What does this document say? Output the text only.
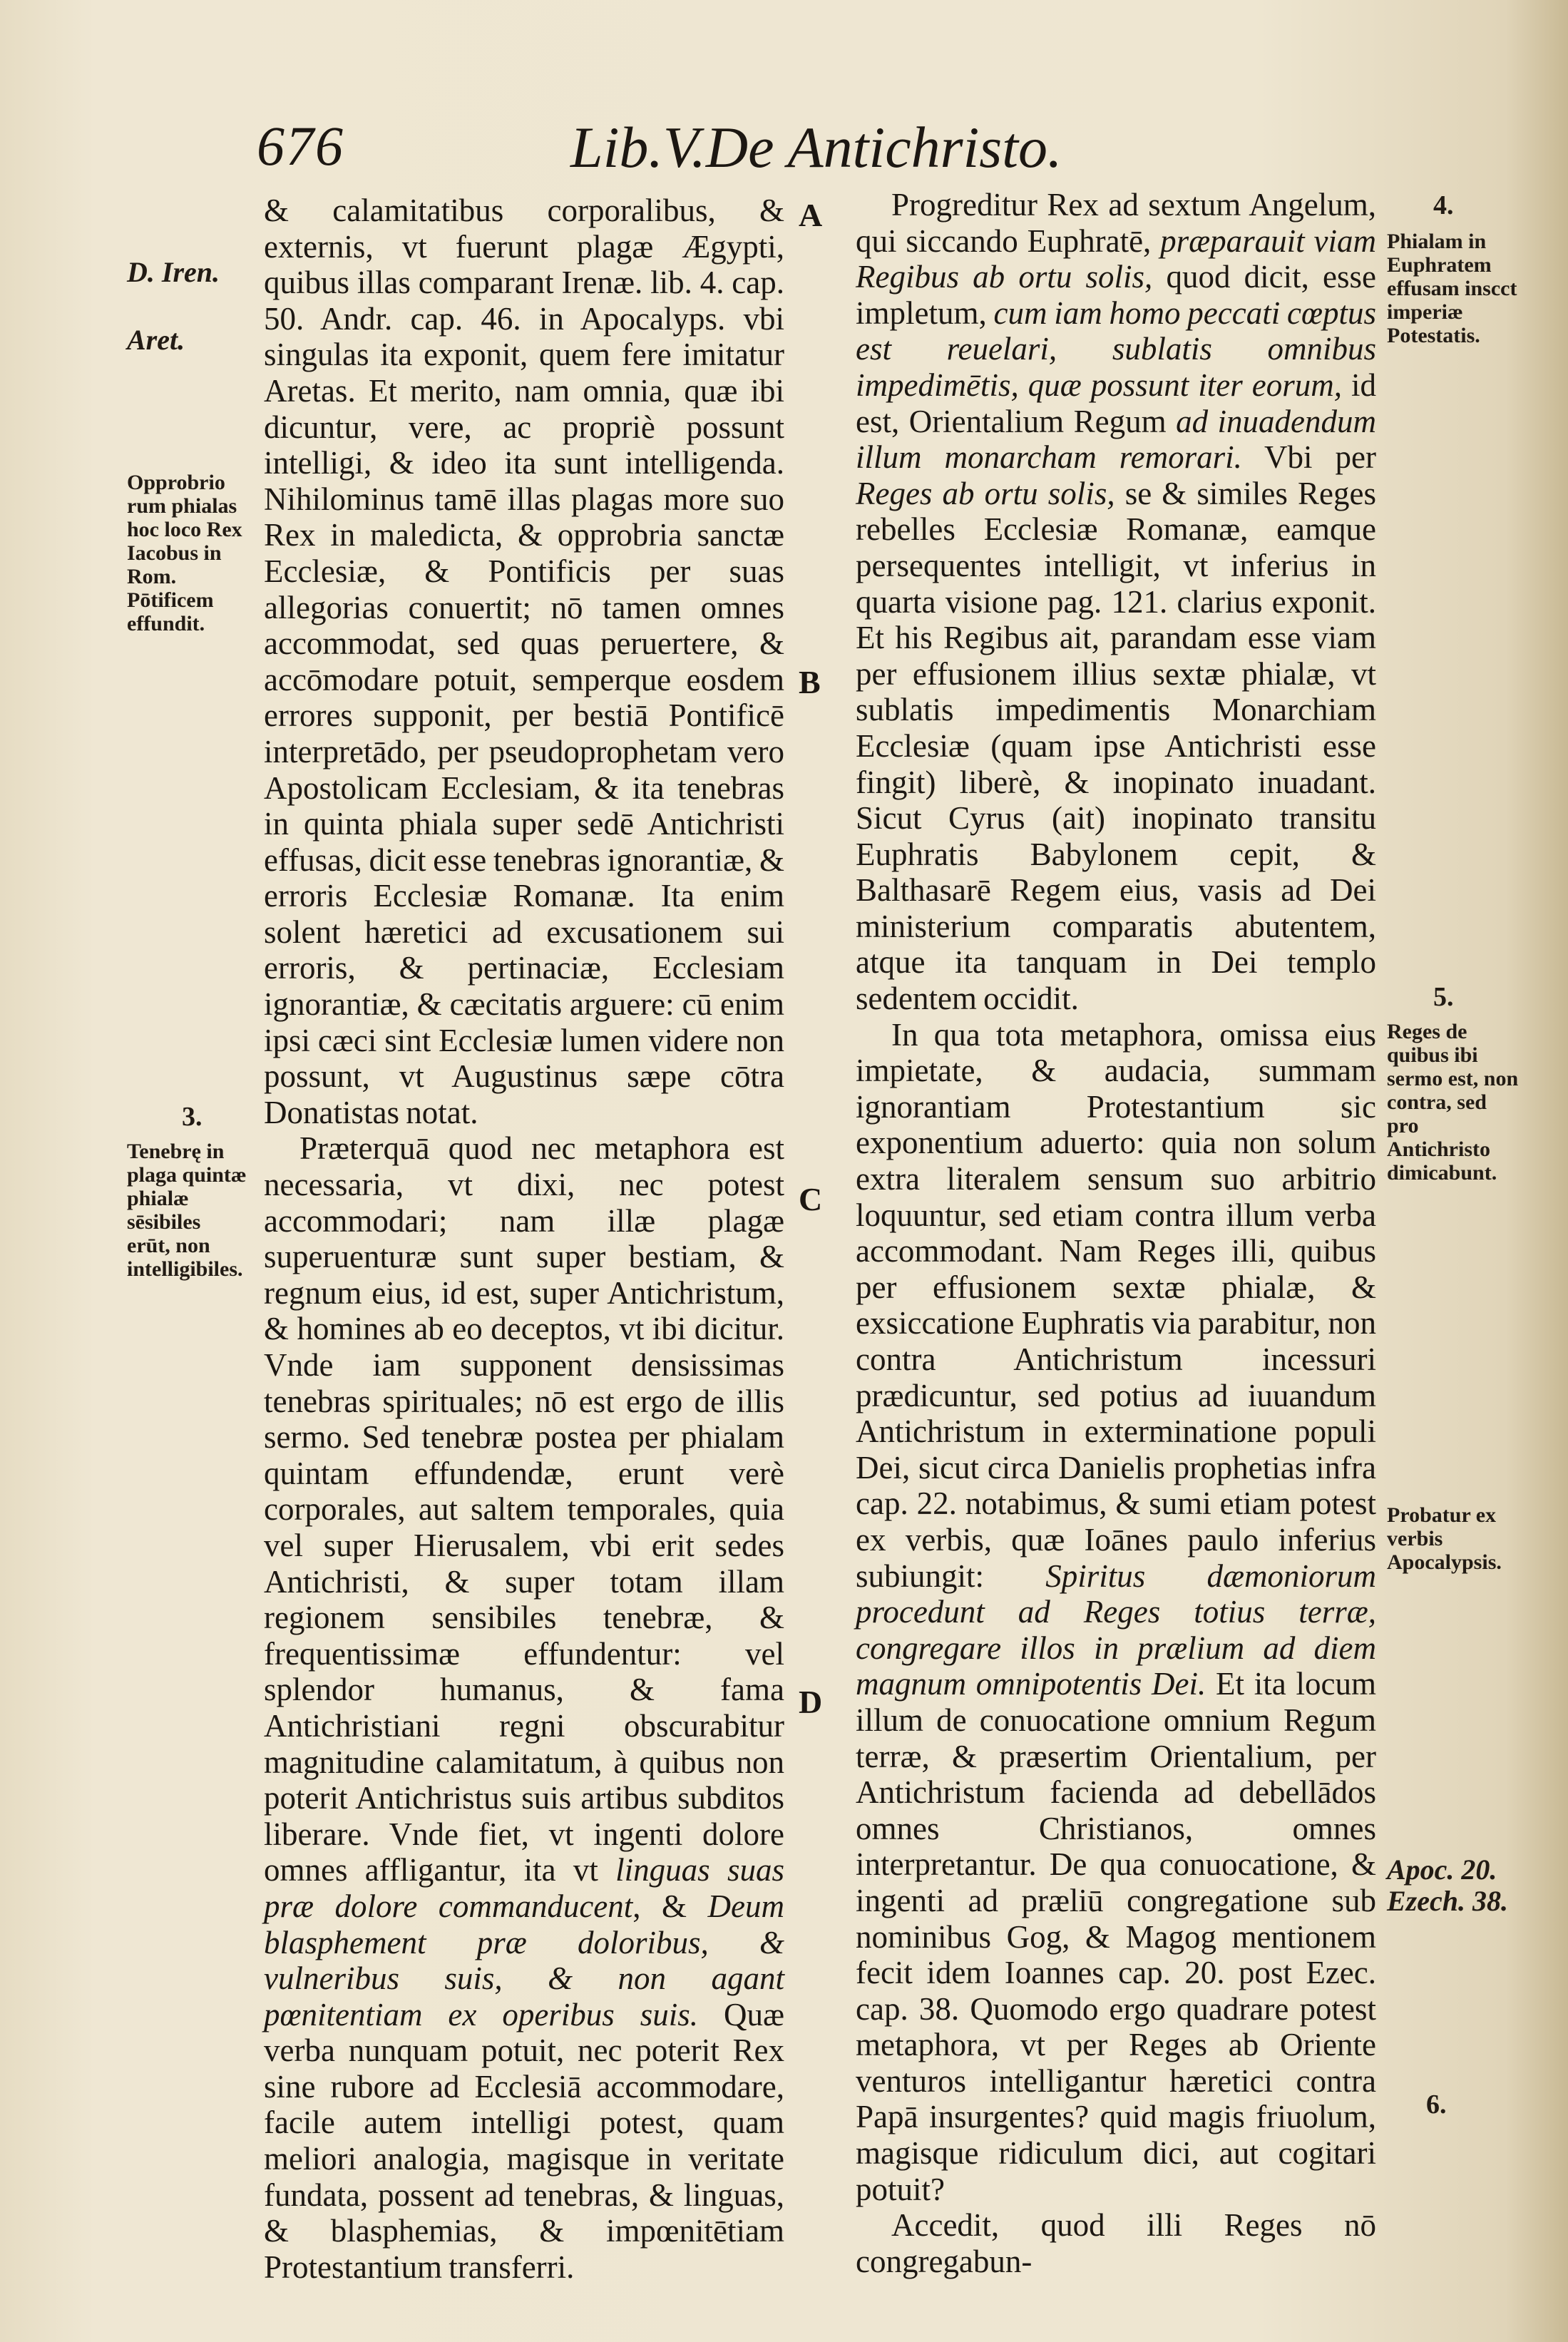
676	Lib.V.De Antichristo.
D. Iren.
Aret.
Opprobrio rum phialas hoc loco Rex Iacobus in Rom. Pōtificem effundit.
3.
Tenebrę in plaga quintæ phialæ sēsibiles erūt, non intelligibiles.
A
B
C
D

& calamitatibus corporalibus, & externis, vt fuerunt plagæ Ægypti, quibus illas comparant Irenæ. lib. 4. cap. 50. Andr. cap. 46. in Apocalyps. vbi singulas ita exponit, quem fere imitatur Aretas. Et merito, nam omnia, quæ ibi dicuntur, vere, ac propriè possunt intelligi, & ideo ita sunt intelligenda. Nihilominus tamē illas plagas more suo Rex in maledicta, & opprobria sanctæ Ecclesiæ, & Pontificis per suas allegorias conuertit; nō tamen omnes accommodat, sed quas peruertere, & accōmodare potuit, semperque eosdem errores supponit, per bestiā Pontificē interpretādo, per pseudoprophetam vero Apostolicam Ecclesiam, & ita tenebras in quinta phiala super sedē Antichristi effusas, dicit esse tenebras ignorantiæ, & erroris Ecclesiæ Romanæ. Ita enim solent hæretici ad excusationem sui erroris, & pertinaciæ, Ecclesiam ignorantiæ, & cæcitatis arguere: cū enim ipsi cæci sint Ecclesiæ lumen videre non possunt, vt Augustinus sæpe cōtra Donatistas notat.

Præterquā quod nec metaphora est necessaria, vt dixi, nec potest accommodari; nam illæ plagæ superuenturæ sunt super bestiam, & regnum eius, id est, super Antichristum, & homines ab eo deceptos, vt ibi dicitur. Vnde iam supponent densissimas tenebras spirituales; nō est ergo de illis sermo. Sed tenebræ postea per phialam quintam effundendæ, erunt verè corporales, aut saltem temporales, quia vel super Hierusalem, vbi erit sedes Antichristi, & super totam illam regionem sensibiles tenebræ, & frequentissimæ effundentur: vel splendor humanus, & fama Antichristiani regni obscurabitur magnitudine calamitatum, à quibus non poterit Antichristus suis artibus subditos liberare. Vnde fiet, vt ingenti dolore omnes affligantur, ita vt linguas suas præ dolore commanducent, & Deum blasphement præ doloribus, & vulneribus suis, & non agant pœnitentiam ex operibus suis. Quæ verba nunquam potuit, nec poterit Rex sine rubore ad Ecclesiā accommodare, facile autem intelligi potest, quam meliori analogia, magisque in veritate fundata, possent ad tenebras, & linguas, & blasphemias, & impœnitētiam Protestantium transferri.

Progreditur Rex ad sextum Angelum, qui siccando Euphratē, præparauit viam Regibus ab ortu solis, quod dicit, esse impletum, cum iam homo peccati cœptus est reuelari, sublatis omnibus impedimētis, quæ possunt iter eorum, id est, Orientalium Regum ad inuadendum illum monarcham remorari. Vbi per Reges ab ortu solis, se & similes Reges rebelles Ecclesiæ Romanæ, eamque persequentes intelligit, vt inferius in quarta visione pag. 121. clarius exponit. Et his Regibus ait, parandam esse viam per effusionem illius sextæ phialæ, vt sublatis impedimentis Monarchiam Ecclesiæ (quam ipse Antichristi esse fingit) liberè, & inopinato inuadant. Sicut Cyrus (ait) inopinato transitu Euphratis Babylonem cepit, & Balthasarē Regem eius, vasis ad Dei ministerium comparatis abutentem, atque ita tanquam in Dei templo sedentem occidit.

In qua tota metaphora, omissa eius impietate, & audacia, summam ignorantiam Protestantium sic exponentium aduerto: quia non solum extra literalem sensum suo arbitrio loquuntur, sed etiam contra illum verba accommodant. Nam Reges illi, quibus per effusionem sextæ phialæ, & exsiccatione Euphratis via parabitur, non contra Antichristum incessuri prædicuntur, sed potius ad iuuandum Antichristum in exterminatione populi Dei, sicut circa Danielis prophetias infra cap. 22. notabimus, & sumi etiam potest ex verbis, quæ Ioānes paulo inferius subiungit: Spiritus dæmoniorum procedunt ad Reges totius terræ, congregare illos in prælium ad diem magnum omnipotentis Dei. Et ita locum illum de conuocatione omnium Regum terræ, & præsertim Orientalium, per Antichristum facienda ad debellādos omnes Christianos, omnes interpretantur. De qua conuocatione, & ingenti ad præliū congregatione sub nominibus Gog, & Magog mentionem fecit idem Ioannes cap. 20. post Ezec. cap. 38. Quomodo ergo quadrare potest metaphora, vt per Reges ab Oriente venturos intelligantur hæretici contra Papā insurgentes? quid magis friuolum, magisque ridiculum dici, aut cogitari potuit?

Accedit, quod illi Reges nō congregabun-

4.
Phialam in Euphratem effusam inscct imperiæ Potestatis.
5.
Reges de quibus ibi sermo est, non contra, sed pro Antichristo dimicabunt.
Probatur ex verbis Apocalypsis.
Apoc. 20. Ezech. 38.
6.
